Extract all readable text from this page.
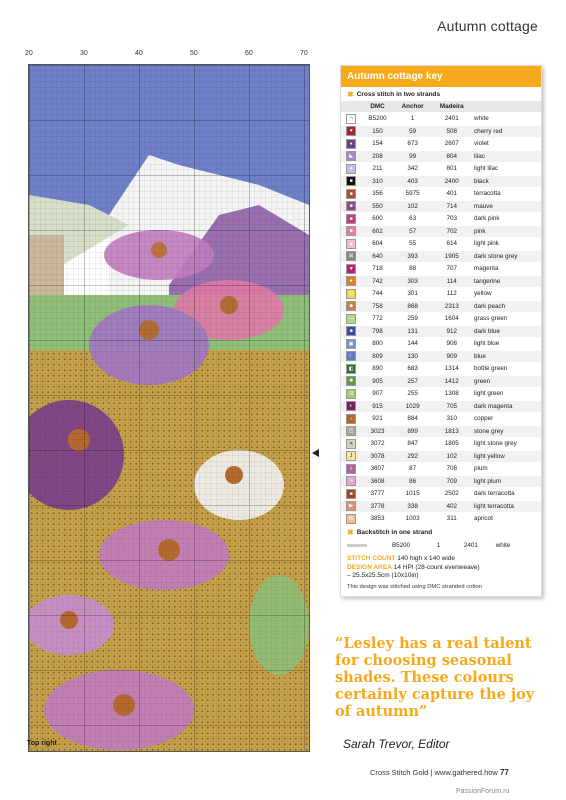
Autumn cottage
20	30	40	50	60	70
Top right
Autumn cottage key
✖ Cross stitch in two strands
	DMC	Anchor	Madeira	
◠	B5200	1	2401	white
♥	150	59	508	cherry red
♦	154	873	2607	violet
◣	208	99	804	lilac
✦	211	342	801	light lilac
■	310	403	2400	black
■	356	5975	401	terracotta
■	550	102	714	mauve
■	600	63	703	dark pink
■	602	57	702	pink
▲	604	55	614	light pink
⊠	640	393	1905	dark stone grey
▼	718	88	707	magenta
●	742	303	114	tangerine
C	744	301	112	yellow
◆	758	868	2313	dark peach
—	772	259	1604	grass green
■	798	131	912	dark blue
▣	800	144	908	light blue
☾	809	130	909	blue
◧	890	683	1314	bottle green
✱	905	257	1412	green
N	907	255	1308	light green
◐	915	1029	705	dark magenta
♀	921	884	310	copper
◰	3023	899	1813	stone grey
✕	3072	847	1805	light stone grey
J	3078	292	102	light yellow
◊	3607	87	708	plum
✧	3608	86	709	light plum
■	3777	1015	2502	dark terracotta
▶	3778	338	402	light terracotta
W	3853	1003	311	apricot
✖ Backstitch in one strand
	B5200	1	2401	white
STITCH COUNT 140 high x 140 wide
DESIGN AREA 14 HPI (28-count evenweave)
– 25.5x25.5cm (10x10in)
This design was stitched using DMC stranded cotton
“Lesley has a real talent for choosing seasonal shades. These colours certainly capture the joy of autumn”
Sarah Trevor, Editor
Cross Stitch Gold | www.gathered.how 77
PassionForum.ru
